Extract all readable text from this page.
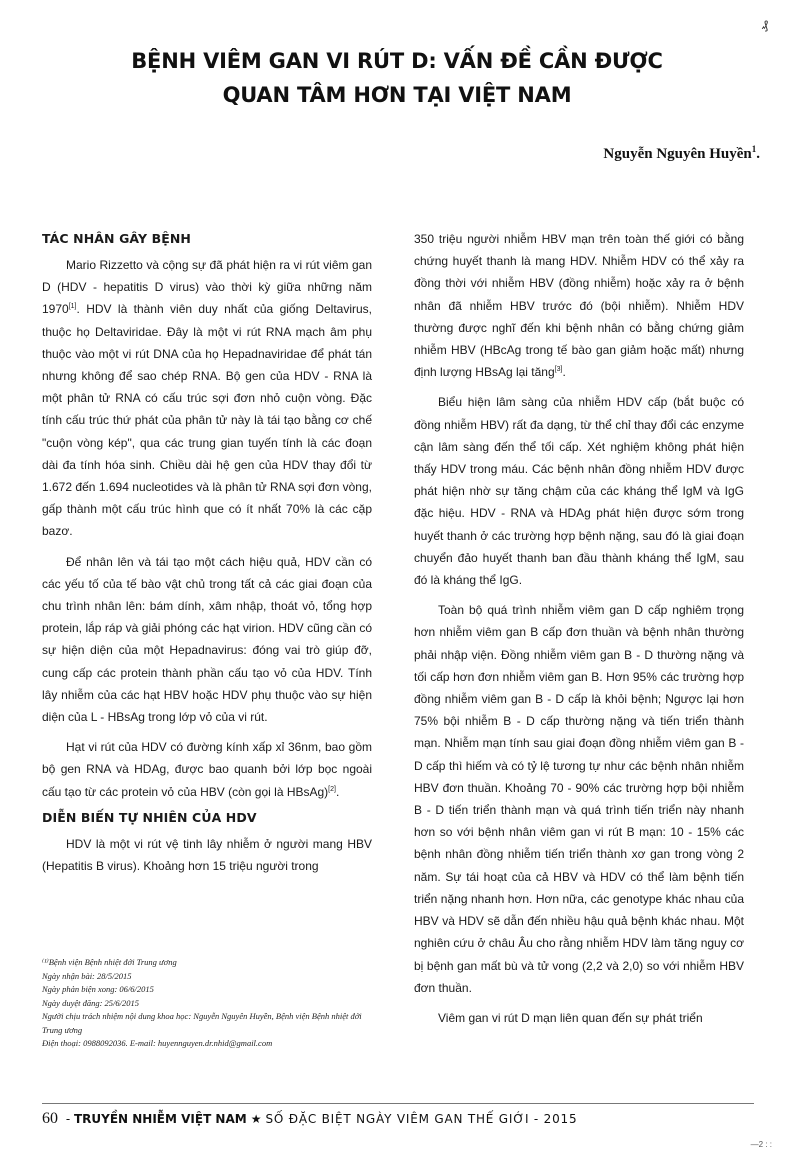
₰
BỆNH VIÊM GAN VI RÚT D: VẤN ĐỀ CẦN ĐƯỢC
QUAN TÂM HƠN TẠI VIỆT NAM
Nguyễn Nguyên Huyền$^1$.
TÁC NHÂN GÂY BỆNH

Mario Rizzetto và cộng sự đã phát hiện ra vi rút viêm gan D (HDV - hepatitis D virus) vào thời kỳ giữa những năm 1970[1]. HDV là thành viên duy nhất của giống Deltavirus, thuộc họ Deltaviridae. Đây là một vi rút RNA mạch âm phụ thuộc vào một vi rút DNA của họ Hepadnaviridae để phát tán nhưng không để sao chép RNA. Bộ gen của HDV - RNA là một phân tử RNA có cấu trúc sợi đơn nhỏ cuộn vòng. Đặc tính cấu trúc thứ phát của phân tử này là tái tạo bằng cơ chế "cuộn vòng kép", qua các trung gian tuyến tính là các đoạn dài đa tính hóa sinh. Chiều dài hệ gen của HDV thay đổi từ 1.672 đến 1.694 nucleotides và là phân tử RNA sợi đơn vòng, gấp thành một cấu trúc hình que có ít nhất 70% là các cặp bazơ.

Để nhân lên và tái tạo một cách hiệu quả, HDV cần có các yếu tố của tế bào vật chủ trong tất cả các giai đoạn của chu trình nhân lên: bám dính, xâm nhập, thoát vỏ, tổng hợp protein, lắp ráp và giải phóng các hạt virion. HDV cũng cần có sự hiện diện của một Hepadnavirus: đóng vai trò giúp đỡ, cung cấp các protein thành phần cấu tạo vỏ của HDV. Tính lây nhiễm của các hạt HBV hoặc HDV phụ thuộc vào sự hiện diện của L - HBsAg trong lớp vỏ của vi rút.

Hạt vi rút của HDV có đường kính xấp xỉ 36nm, bao gồm bộ gen RNA và HDAg, được bao quanh bởi lớp bọc ngoài cấu tạo từ các protein vỏ của HBV (còn gọi là HBsAg)[2].

DIỄN BIẾN TỰ NHIÊN CỦA HDV

HDV là một vi rút vệ tinh lây nhiễm ở người mang HBV (Hepatitis B virus). Khoảng hơn 15 triệu người trong

350 triệu người nhiễm HBV mạn trên toàn thế giới có bằng chứng huyết thanh là mang HDV. Nhiễm HDV có thể xảy ra đồng thời với nhiễm HBV (đồng nhiễm) hoặc xảy ra ở bệnh nhân đã nhiễm HBV trước đó (bội nhiễm). Nhiễm HDV thường được nghĩ đến khi bệnh nhân có bằng chứng giảm nhiễm HBV (HBcAg trong tế bào gan giảm hoặc mất) nhưng định lượng HBsAg lại tăng[3].

Biểu hiện lâm sàng của nhiễm HDV cấp (bắt buộc có đồng nhiễm HBV) rất đa dạng, từ thể chỉ thay đổi các enzyme cận lâm sàng đến thể tối cấp. Xét nghiệm không phát hiện thấy HDV trong máu. Các bệnh nhân đồng nhiễm HDV được phát hiện nhờ sự tăng chậm của các kháng thể IgM và IgG đặc hiệu. HDV - RNA và HDAg phát hiện được sớm trong huyết thanh ở các trường hợp bệnh nặng, sau đó là giai đoạn chuyển đảo huyết thanh ban đầu thành kháng thể IgM, sau đó là kháng thể IgG.

Toàn bộ quá trình nhiễm viêm gan D cấp nghiêm trọng hơn nhiễm viêm gan B cấp đơn thuần và bệnh nhân thường phải nhập viện. Đồng nhiễm viêm gan B - D thường nặng và tối cấp hơn đơn nhiễm viêm gan B. Hơn 95% các trường hợp đồng nhiễm viêm gan B - D cấp là khỏi bệnh; Ngược lại hơn 75% bội nhiễm B - D cấp thường nặng và tiến triển thành mạn. Nhiễm mạn tính sau giai đoạn đồng nhiễm viêm gan B - D cấp thì hiếm và có tỷ lệ tương tự như các bệnh nhân nhiễm HBV đơn thuần. Khoảng 70 - 90% các trường hợp bội nhiễm B - D tiến triển thành mạn và quá trình tiến triển này nhanh hơn so với bệnh nhân viêm gan vi rút B mạn: 10 - 15% các bệnh nhân đồng nhiễm tiến triển thành xơ gan trong vòng 2 năm. Sự tái hoạt của cả HBV và HDV có thể làm bệnh tiến triển nặng nhanh hơn. Hơn nữa, các genotype khác nhau của HBV và HDV sẽ dẫn đến nhiều hậu quả bệnh khác nhau. Một nghiên cứu ở châu Âu cho rằng nhiễm HDV làm tăng nguy cơ bị bệnh gan mất bù và tử vong (2,2 và 2,0) so với nhiễm HBV đơn thuần.

Viêm gan vi rút D mạn liên quan đến sự phát triển

⁽¹⁾Bệnh viện Bệnh nhiệt đới Trung ương
Ngày nhận bài: 28/5/2015
Ngày phản biện xong: 06/6/2015
Ngày duyệt đăng: 25/6/2015
Người chịu trách nhiệm nội dung khoa học: Nguyễn Nguyên Huyền, Bệnh viện Bệnh nhiệt đới Trung ương
Điện thoại: 0988092036. E-mail: huyennguyen.dr.nhid@gmail.com
60 - TRUYỀN NHIỄM VIỆT NAM ★ SỐ ĐẶC BIỆT NGÀY VIÊM GAN THẾ GIỚI - 2015
—2 : :
